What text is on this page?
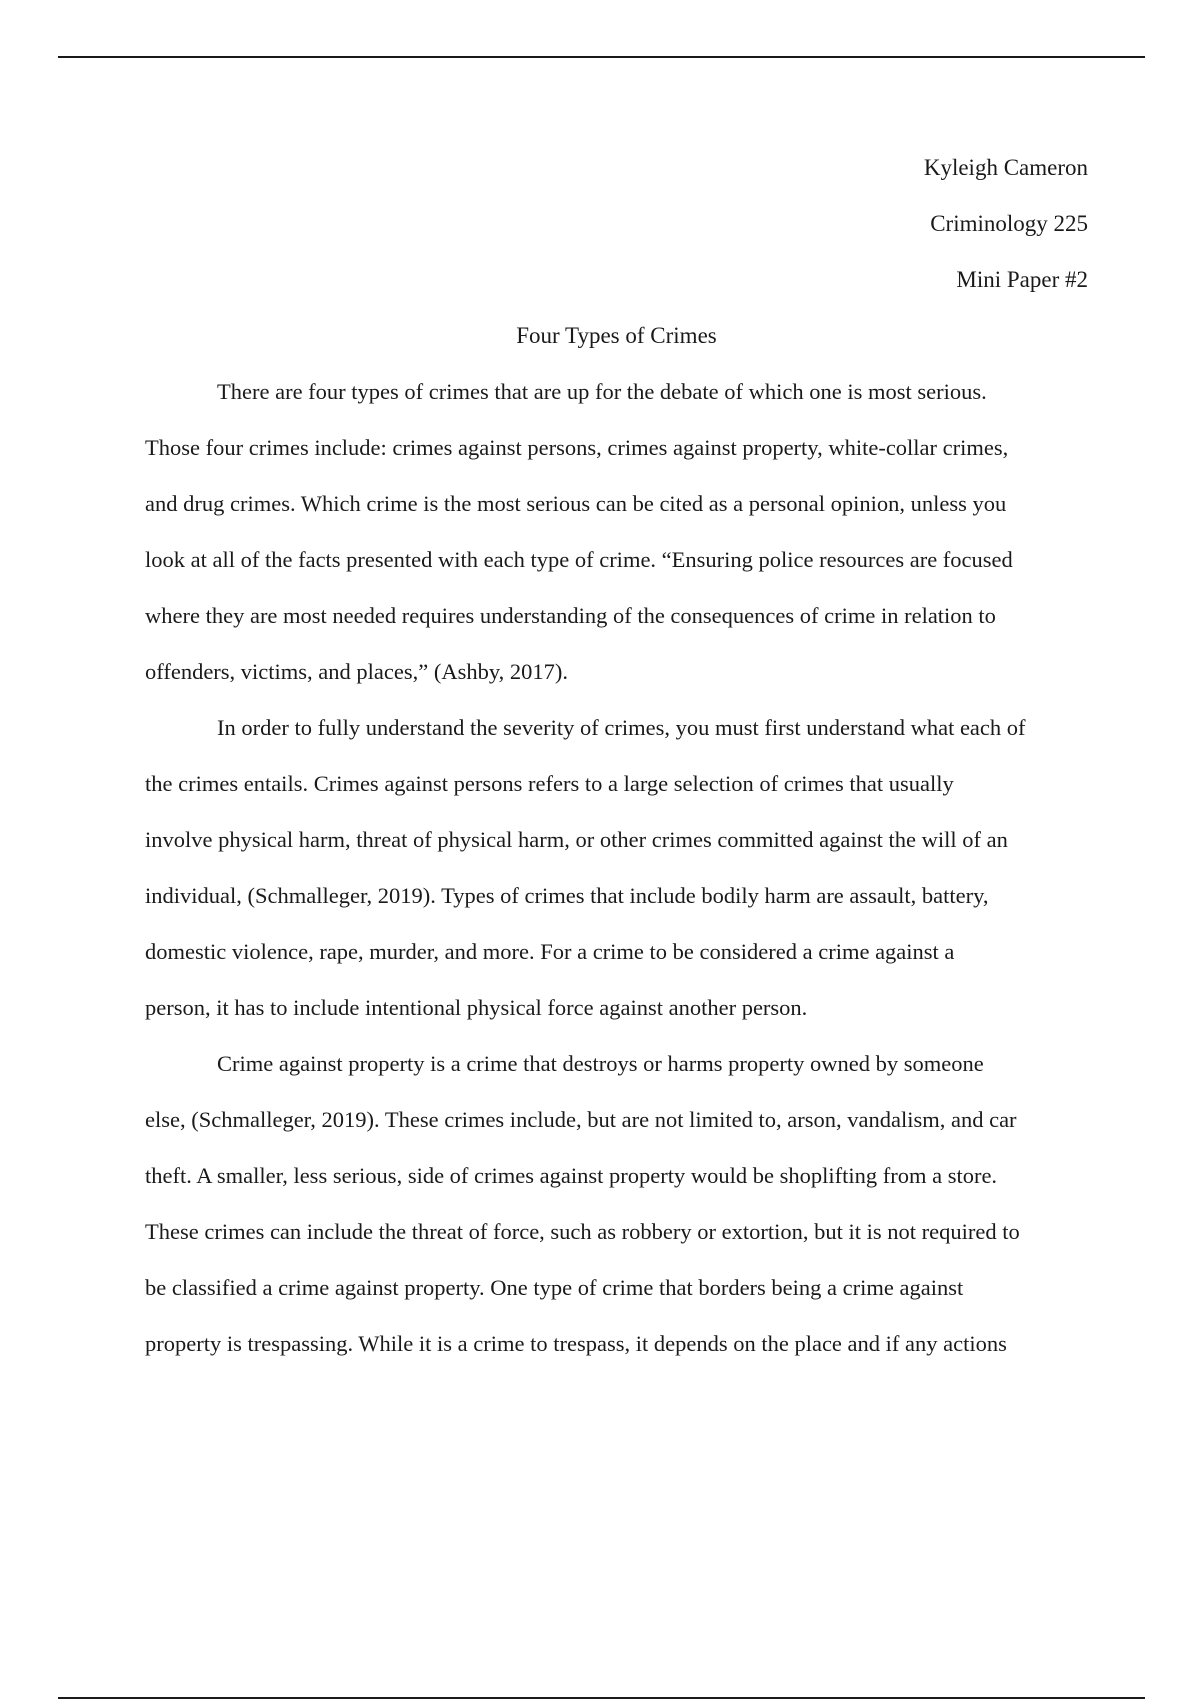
Kyleigh Cameron
Criminology 225
Mini Paper #2
Four Types of Crimes
There are four types of crimes that are up for the debate of which one is most serious.
Those four crimes include: crimes against persons, crimes against property, white-collar crimes,
and drug crimes. Which crime is the most serious can be cited as a personal opinion, unless you
look at all of the facts presented with each type of crime. “Ensuring police resources are focused
where they are most needed requires understanding of the consequences of crime in relation to
offenders, victims, and places,” (Ashby, 2017).
In order to fully understand the severity of crimes, you must first understand what each of
the crimes entails. Crimes against persons refers to a large selection of crimes that usually
involve physical harm, threat of physical harm, or other crimes committed against the will of an
individual, (Schmalleger, 2019). Types of crimes that include bodily harm are assault, battery,
domestic violence, rape, murder, and more. For a crime to be considered a crime against a
person, it has to include intentional physical force against another person.
Crime against property is a crime that destroys or harms property owned by someone
else, (Schmalleger, 2019). These crimes include, but are not limited to, arson, vandalism, and car
theft. A smaller, less serious, side of crimes against property would be shoplifting from a store.
These crimes can include the threat of force, such as robbery or extortion, but it is not required to
be classified a crime against property. One type of crime that borders being a crime against
property is trespassing. While it is a crime to trespass, it depends on the place and if any actions
